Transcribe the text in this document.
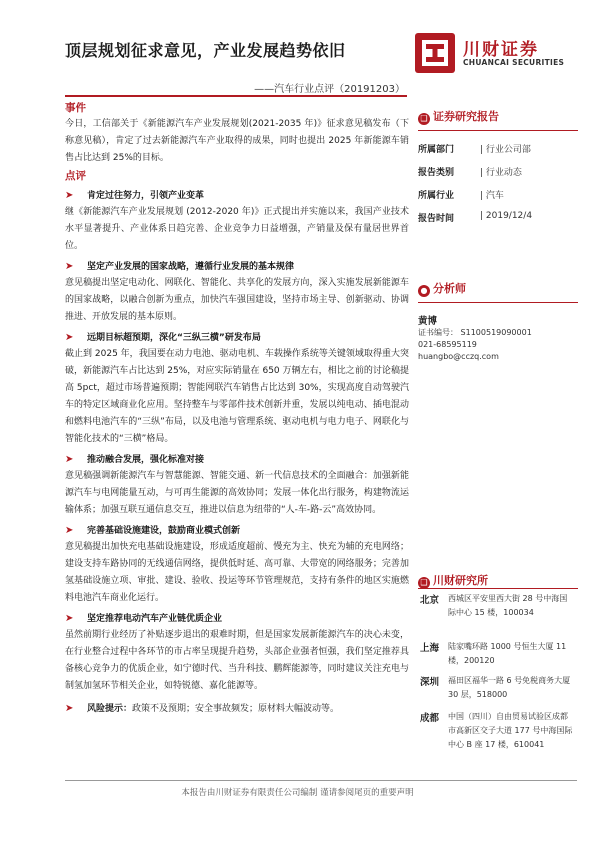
顶层规划征求意见，产业发展趋势依旧
——汽车行业点评（20191203）
川财证券
CHUANCAI SECURITIES
事件
今日，工信部关于《新能源汽车产业发展规划(2021-2035 年)》征求意见稿发布（下称意见稿），肯定了过去新能源汽车产业取得的成果，同时也提出 2025 年新能源车销售占比达到 25%的目标。
点评
➤ 肯定过往努力，引领产业变革
继《新能源汽车产业发展规划 (2012-2020 年)》正式提出并实施以来，我国产业技术水平显著提升、产业体系日趋完善、企业竞争力日益增强，产销量及保有量居世界首位。
➤ 坚定产业发展的国家战略，遵循行业发展的基本规律
意见稿提出坚定电动化、网联化、智能化、共享化的发展方向，深入实施发展新能源车的国家战略，以融合创新为重点，加快汽车强国建设，坚持市场主导、创新驱动、协调推进、开放发展的基本原则。
➤ 远期目标超预期，深化“三纵三横”研发布局
截止到 2025 年，我国要在动力电池、驱动电机、车载操作系统等关键领域取得重大突破，新能源汽车占比达到 25%，对应实际销量在 650 万辆左右，相比之前的讨论稿提高 5pct，超过市场普遍预期；智能网联汽车销售占比达到 30%，实现高度自动驾驶汽车的特定区域商业化应用。坚持整车与零部件技术创新并重，发展以纯电动、插电混动和燃料电池汽车的“三纵”布局，以及电池与管理系统、驱动电机与电力电子、网联化与智能化技术的“三横”格局。
➤ 推动融合发展，强化标准对接
意见稿强调新能源汽车与智慧能源、智能交通、新一代信息技术的全面融合：加强新能源汽车与电网能量互动，与可再生能源的高效协同；发展一体化出行服务，构建物流运输体系；加强互联互通信息交互，推进以信息为纽带的“人-车-路-云”高效协同。
➤ 完善基础设施建设，鼓励商业模式创新
意见稿提出加快充电基础设施建设，形成适度超前、慢充为主、快充为辅的充电网络；建设支持车路协同的无线通信网络，提供低时延、高可靠、大带宽的网络服务；完善加氢基础设施立项、审批、建设、验收、投运等环节管理规范，支持有条件的地区实施燃料电池汽车商业化运行。
➤ 坚定推荐电动汽车产业链优质企业
虽然前期行业经历了补贴逐步退出的艰难时期，但是国家发展新能源汽车的决心未变，在行业整合过程中各环节的市占率呈现提升趋势，头部企业强者恒强，我们坚定推荐具备核心竞争力的优质企业，如宁德时代、当升科技、鹏辉能源等，同时建议关注充电与制氢加氢环节相关企业，如特锐德、嘉化能源等。
➤ 风险提示：政策不及预期；安全事故频发；原材料大幅波动等。
❑ 证券研究报告
所属部门	| 行业公司部
报告类别	| 行业动态
所属行业	| 汽车
报告时间	| 2019/12/4
● 分析师
黄博
证书编号： S1100519090001
021-68595119
huangbo@cczq.com
❑ 川财研究所
北京 西城区平安里西大街 28 号中海国际中心 15 楼，100034
上海 陆家嘴环路 1000 号恒生大厦 11 楼，200120
深圳 福田区福华一路 6 号免税商务大厦 30 层，518000
成都 中国（四川）自由贸易试验区成都市高新区交子大道 177 号中海国际中心 B 座 17 楼，610041
本报告由川财证券有限责任公司编制 谨请参阅尾页的重要声明
